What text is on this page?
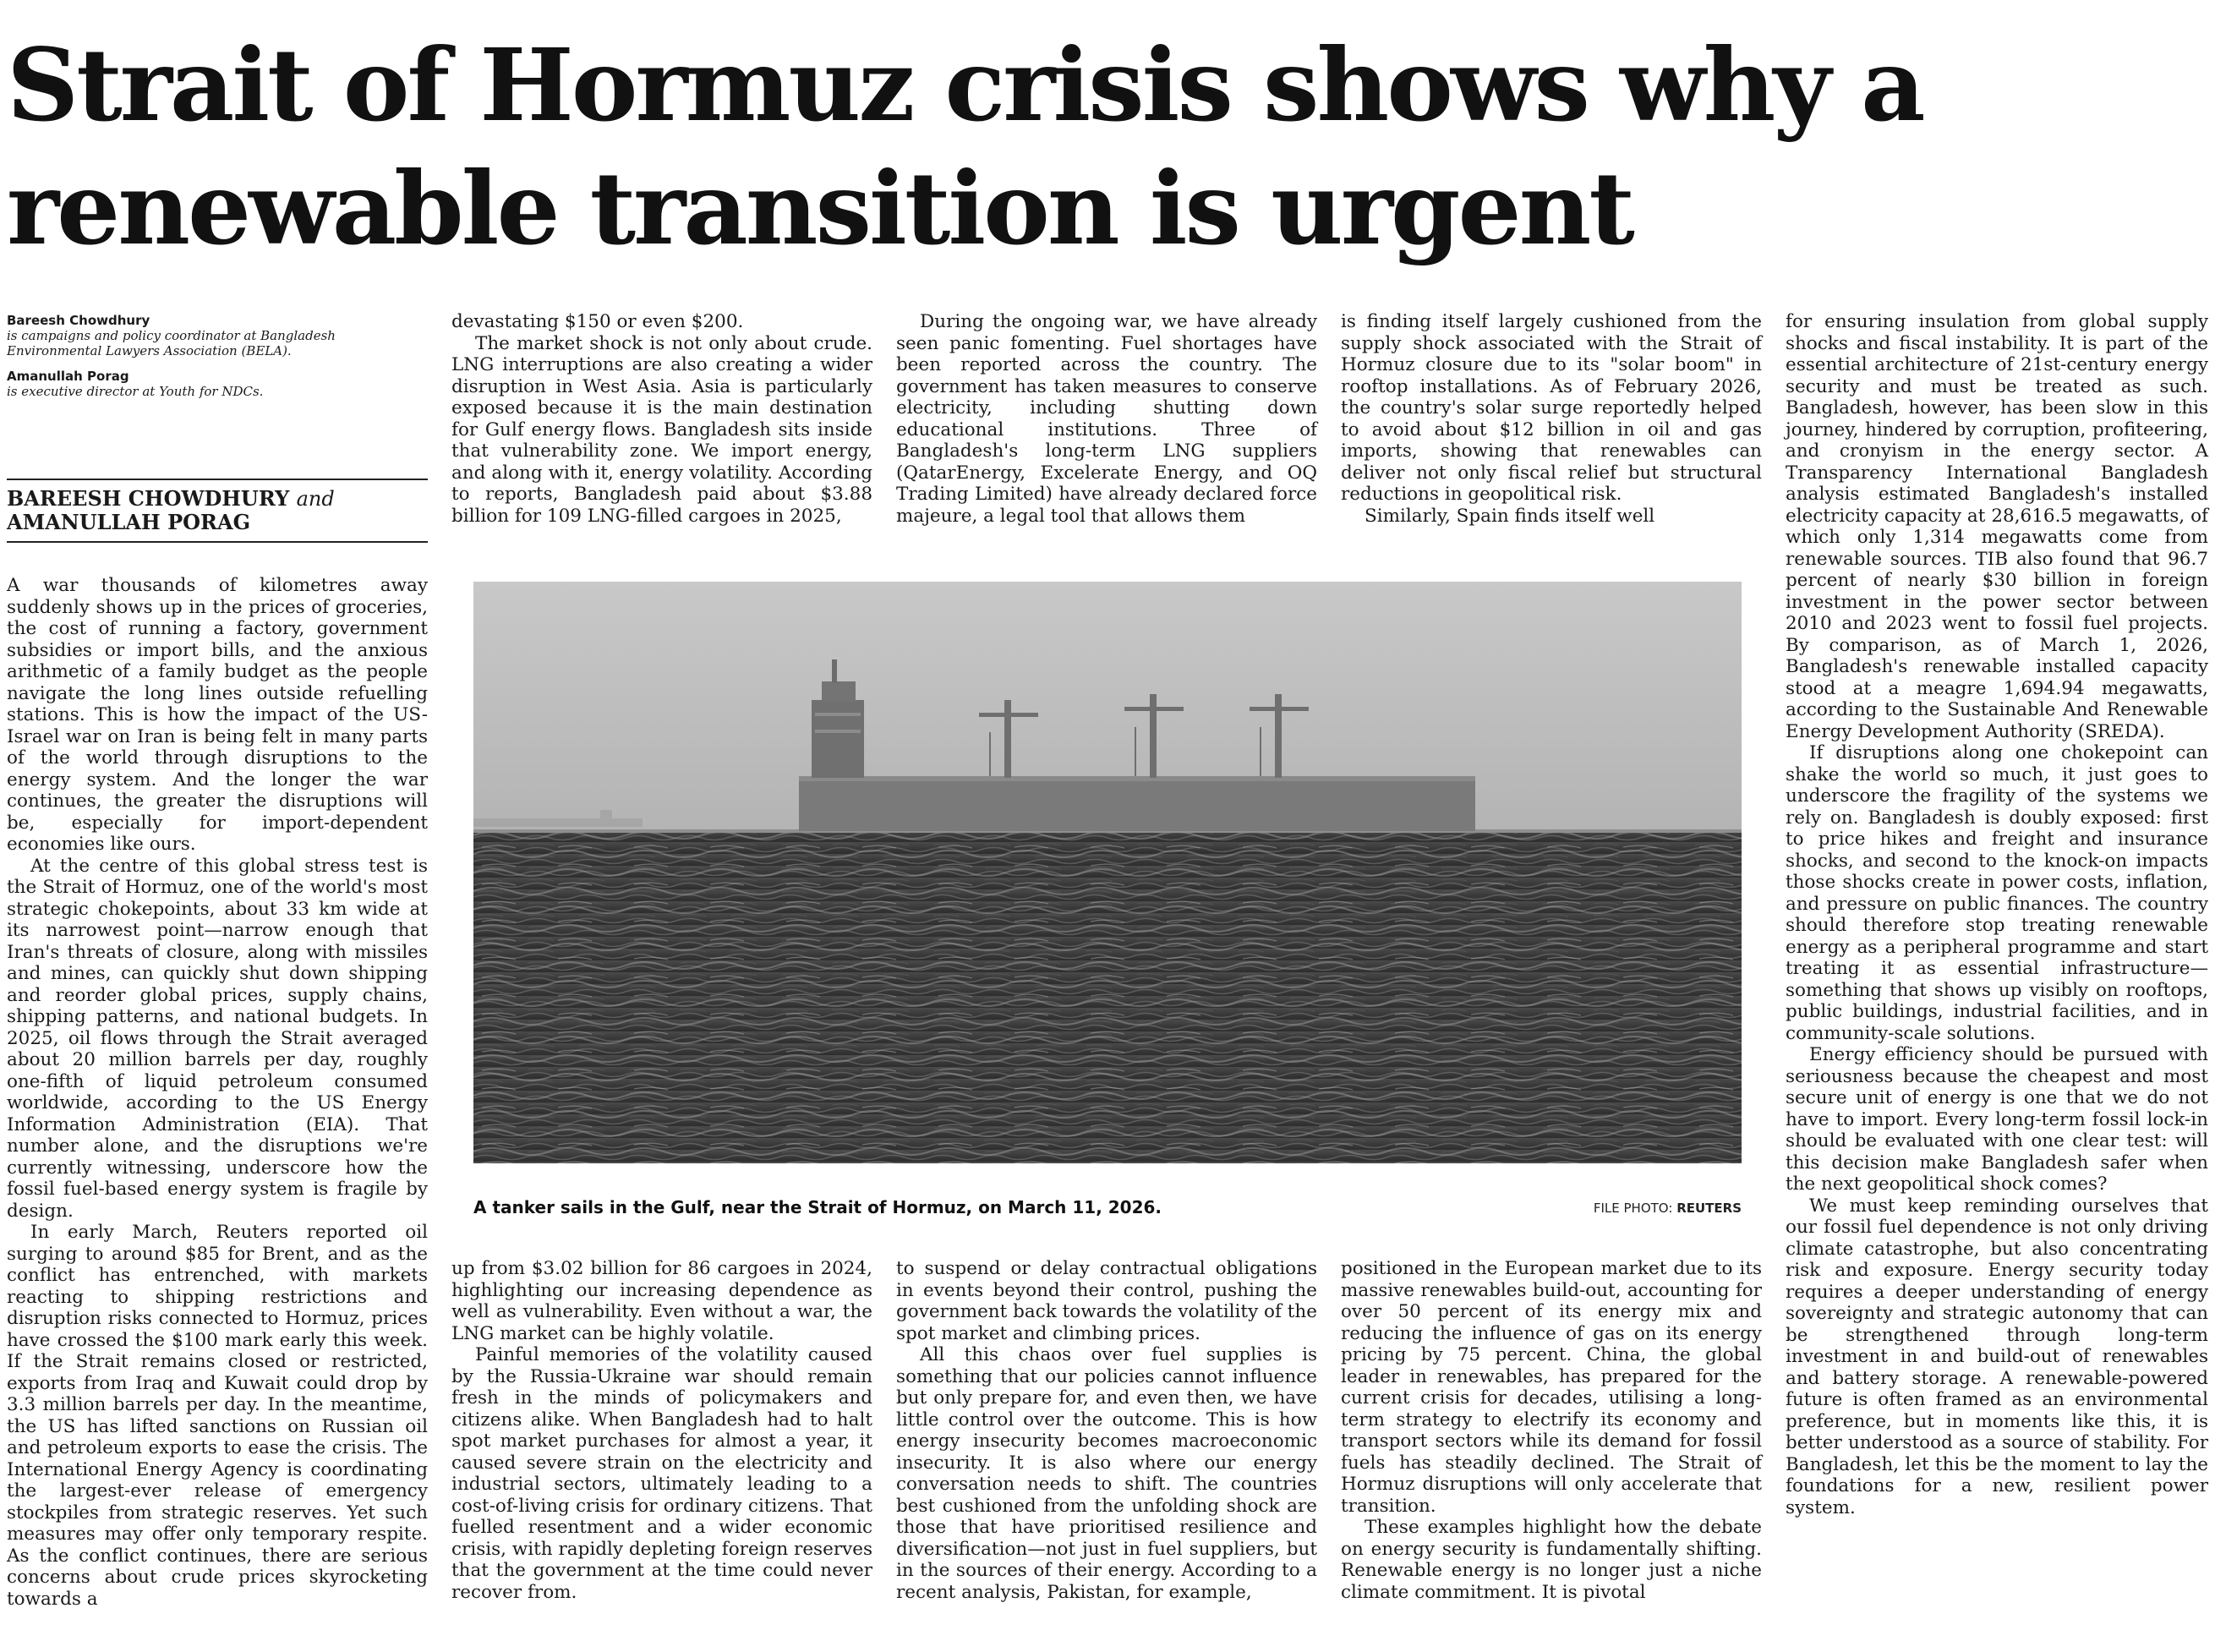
Strait of Hormuz crisis shows why a
renewable transition is urgent
Bareesh Chowdhury
is campaigns and policy coordinator at Bangladesh
Environmental Lawyers Association (BELA).
Amanullah Porag
is executive director at Youth for NDCs.
BAREESH CHOWDHURY and
AMANULLAH PORAG

A war thousands of kilometres away suddenly shows up in the prices of groceries, the cost of running a factory, government subsidies or import bills, and the anxious arithmetic of a family budget as the people navigate the long lines outside refuelling stations. This is how the impact of the US-Israel war on Iran is being felt in many parts of the world through disruptions to the energy system. And the longer the war continues, the greater the disruptions will be, especially for import-dependent economies like ours.

At the centre of this global stress test is the Strait of Hormuz, one of the world's most strategic chokepoints, about 33 km wide at its narrowest point—narrow enough that Iran's threats of closure, along with missiles and mines, can quickly shut down shipping and reorder global prices, supply chains, shipping patterns, and national budgets. In 2025, oil flows through the Strait averaged about 20 million barrels per day, roughly one-fifth of liquid petroleum consumed worldwide, according to the US Energy Information Administration (EIA). That number alone, and the disruptions we're currently witnessing, underscore how the fossil fuel-based energy system is fragile by design.

In early March, Reuters reported oil surging to around $85 for Brent, and as the conflict has entrenched, with markets reacting to shipping restrictions and disruption risks connected to Hormuz, prices have crossed the $100 mark early this week. If the Strait remains closed or restricted, exports from Iraq and Kuwait could drop by 3.3 million barrels per day. In the meantime, the US has lifted sanctions on Russian oil and petroleum exports to ease the crisis. The International Energy Agency is coordinating the largest-ever release of emergency stockpiles from strategic reserves. Yet such measures may offer only temporary respite. As the conflict continues, there are serious concerns about crude prices skyrocketing towards a

devastating $150 or even $200.

The market shock is not only about crude. LNG interruptions are also creating a wider disruption in West Asia. Asia is particularly exposed because it is the main destination for Gulf energy flows. Bangladesh sits inside that vulnerability zone. We import energy, and along with it, energy volatility. According to reports, Bangladesh paid about $3.88 billion for 109 LNG-filled cargoes in 2025,

During the ongoing war, we have already seen panic fomenting. Fuel shortages have been reported across the country. The government has taken measures to conserve electricity, including shutting down educational institutions. Three of Bangladesh's long-term LNG suppliers (QatarEnergy, Excelerate Energy, and OQ Trading Limited) have already declared force majeure, a legal tool that allows them

is finding itself largely cushioned from the supply shock associated with the Strait of Hormuz closure due to its "solar boom" in rooftop installations. As of February 2026, the country's solar surge reportedly helped to avoid about $12 billion in oil and gas imports, showing that renewables can deliver not only fiscal relief but structural reductions in geopolitical risk.

Similarly, Spain finds itself well

A tanker sails in the Gulf, near the Strait of Hormuz, on March 11, 2026.	FILE PHOTO: REUTERS

up from $3.02 billion for 86 cargoes in 2024, highlighting our increasing dependence as well as vulnerability. Even without a war, the LNG market can be highly volatile.

Painful memories of the volatility caused by the Russia-Ukraine war should remain fresh in the minds of policymakers and citizens alike. When Bangladesh had to halt spot market purchases for almost a year, it caused severe strain on the electricity and industrial sectors, ultimately leading to a cost-of-living crisis for ordinary citizens. That fuelled resentment and a wider economic crisis, with rapidly depleting foreign reserves that the government at the time could never recover from.

to suspend or delay contractual obligations in events beyond their control, pushing the government back towards the volatility of the spot market and climbing prices.

All this chaos over fuel supplies is something that our policies cannot influence but only prepare for, and even then, we have little control over the outcome. This is how energy insecurity becomes macroeconomic insecurity. It is also where our energy conversation needs to shift. The countries best cushioned from the unfolding shock are those that have prioritised resilience and diversification—not just in fuel suppliers, but in the sources of their energy. According to a recent analysis, Pakistan, for example,

positioned in the European market due to its massive renewables build-out, accounting for over 50 percent of its energy mix and reducing the influence of gas on its energy pricing by 75 percent. China, the global leader in renewables, has prepared for the current crisis for decades, utilising a long-term strategy to electrify its economy and transport sectors while its demand for fossil fuels has steadily declined. The Strait of Hormuz disruptions will only accelerate that transition.

These examples highlight how the debate on energy security is fundamentally shifting. Renewable energy is no longer just a niche climate commitment. It is pivotal

for ensuring insulation from global supply shocks and fiscal instability. It is part of the essential architecture of 21st-century energy security and must be treated as such. Bangladesh, however, has been slow in this journey, hindered by corruption, profiteering, and cronyism in the energy sector. A Transparency International Bangladesh analysis estimated Bangladesh's installed electricity capacity at 28,616.5 megawatts, of which only 1,314 megawatts come from renewable sources. TIB also found that 96.7 percent of nearly $30 billion in foreign investment in the power sector between 2010 and 2023 went to fossil fuel projects. By comparison, as of March 1, 2026, Bangladesh's renewable installed capacity stood at a meagre 1,694.94 megawatts, according to the Sustainable And Renewable Energy Development Authority (SREDA).

If disruptions along one chokepoint can shake the world so much, it just goes to underscore the fragility of the systems we rely on. Bangladesh is doubly exposed: first to price hikes and freight and insurance shocks, and second to the knock-on impacts those shocks create in power costs, inflation, and pressure on public finances. The country should therefore stop treating renewable energy as a peripheral programme and start treating it as essential infrastructure—something that shows up visibly on rooftops, public buildings, industrial facilities, and in community-scale solutions.

Energy efficiency should be pursued with seriousness because the cheapest and most secure unit of energy is one that we do not have to import. Every long-term fossil lock-in should be evaluated with one clear test: will this decision make Bangladesh safer when the next geopolitical shock comes?

We must keep reminding ourselves that our fossil fuel dependence is not only driving climate catastrophe, but also concentrating risk and exposure. Energy security today requires a deeper understanding of energy sovereignty and strategic autonomy that can be strengthened through long-term investment in and build-out of renewables and battery storage. A renewable-powered future is often framed as an environmental preference, but in moments like this, it is better understood as a source of stability. For Bangladesh, let this be the moment to lay the foundations for a new, resilient power system.
